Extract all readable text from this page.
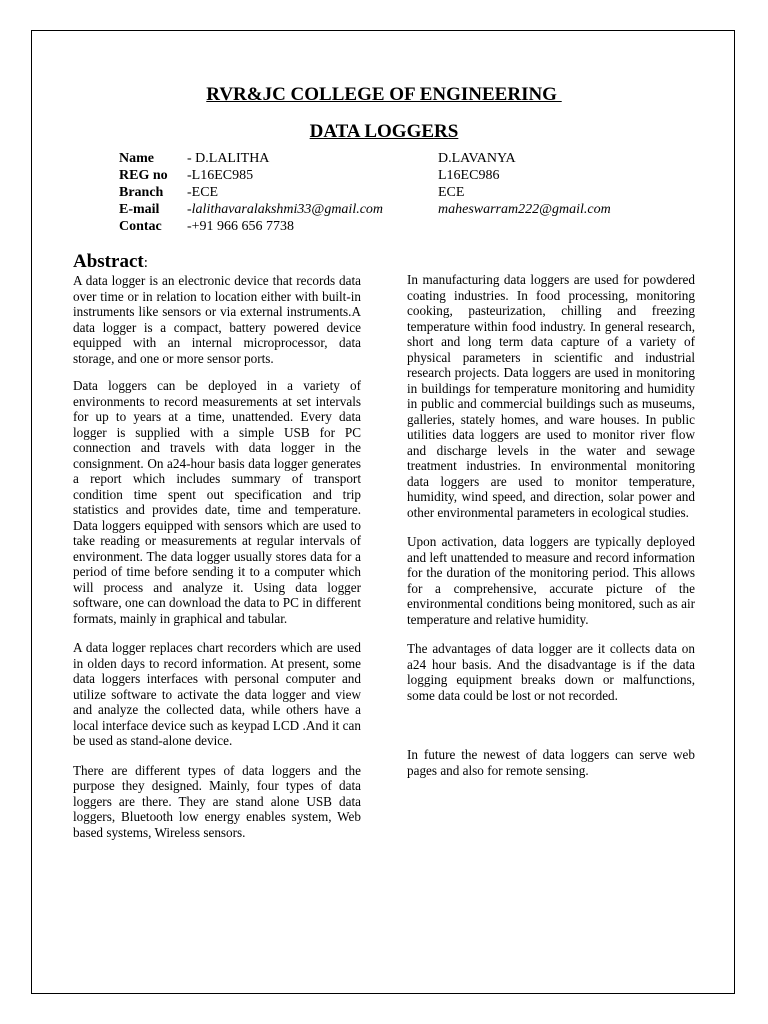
RVR&JC COLLEGE OF ENGINEERING
DATA LOGGERS
Name - D.LALITHA	D.LAVANYA
REG no -L16EC985	L16EC986
Branch -ECE	ECE
E-mail -lalithavaralakshmi33@gmail.com	maheswarram222@gmail.com
Contac -+91 966 656 7738
Abstract:

A data logger is an electronic device that records data over time or in relation to location either with built-in instruments like sensors or via external instruments.A data logger is a compact, battery powered device equipped with an internal microprocessor, data storage, and one or more sensor ports.

Data loggers can be deployed in a variety of environments to record measurements at set intervals for up to years at a time, unattended. Every data logger is supplied with a simple USB for PC connection and travels with data logger in the consignment. On a24-hour basis data logger generates a report which includes summary of transport condition time spent out specification and trip statistics and provides date, time and temperature. Data loggers equipped with sensors which are used to take reading or measurements at regular intervals of environment. The data logger usually stores data for a period of time before sending it to a computer which will process and analyze it. Using data logger software, one can download the data to PC in different formats, mainly in graphical and tabular.

A data logger replaces chart recorders which are used in olden days to record information. At present, some data loggers interfaces with personal computer and utilize software to activate the data logger and view and analyze the collected data, while others have a local interface device such as keypad LCD .And it can be used as stand-alone device.

There are different types of data loggers and the purpose they designed. Mainly, four types of data loggers are there. They are stand alone USB data loggers, Bluetooth low energy enables system, Web based systems, Wireless sensors.

In manufacturing data loggers are used for powdered coating industries. In food processing, monitoring cooking, pasteurization, chilling and freezing temperature within food industry. In general research, short and long term data capture of a variety of physical parameters in scientific and industrial research projects. Data loggers are used in monitoring in buildings for temperature monitoring and humidity in public and commercial buildings such as museums, galleries, stately homes, and ware houses. In public utilities data loggers are used to monitor river flow and discharge levels in the water and sewage treatment industries. In environmental monitoring data loggers are used to monitor temperature, humidity, wind speed, and direction, solar power and other environmental parameters in ecological studies.

Upon activation, data loggers are typically deployed and left unattended to measure and record information for the duration of the monitoring period. This allows for a comprehensive, accurate picture of the environmental conditions being monitored, such as air temperature and relative humidity.

The advantages of data logger are it collects data on a24 hour basis. And the disadvantage is if the data logging equipment breaks down or malfunctions, some data could be lost or not recorded.

In future the newest of data loggers can serve web pages and also for remote sensing.
